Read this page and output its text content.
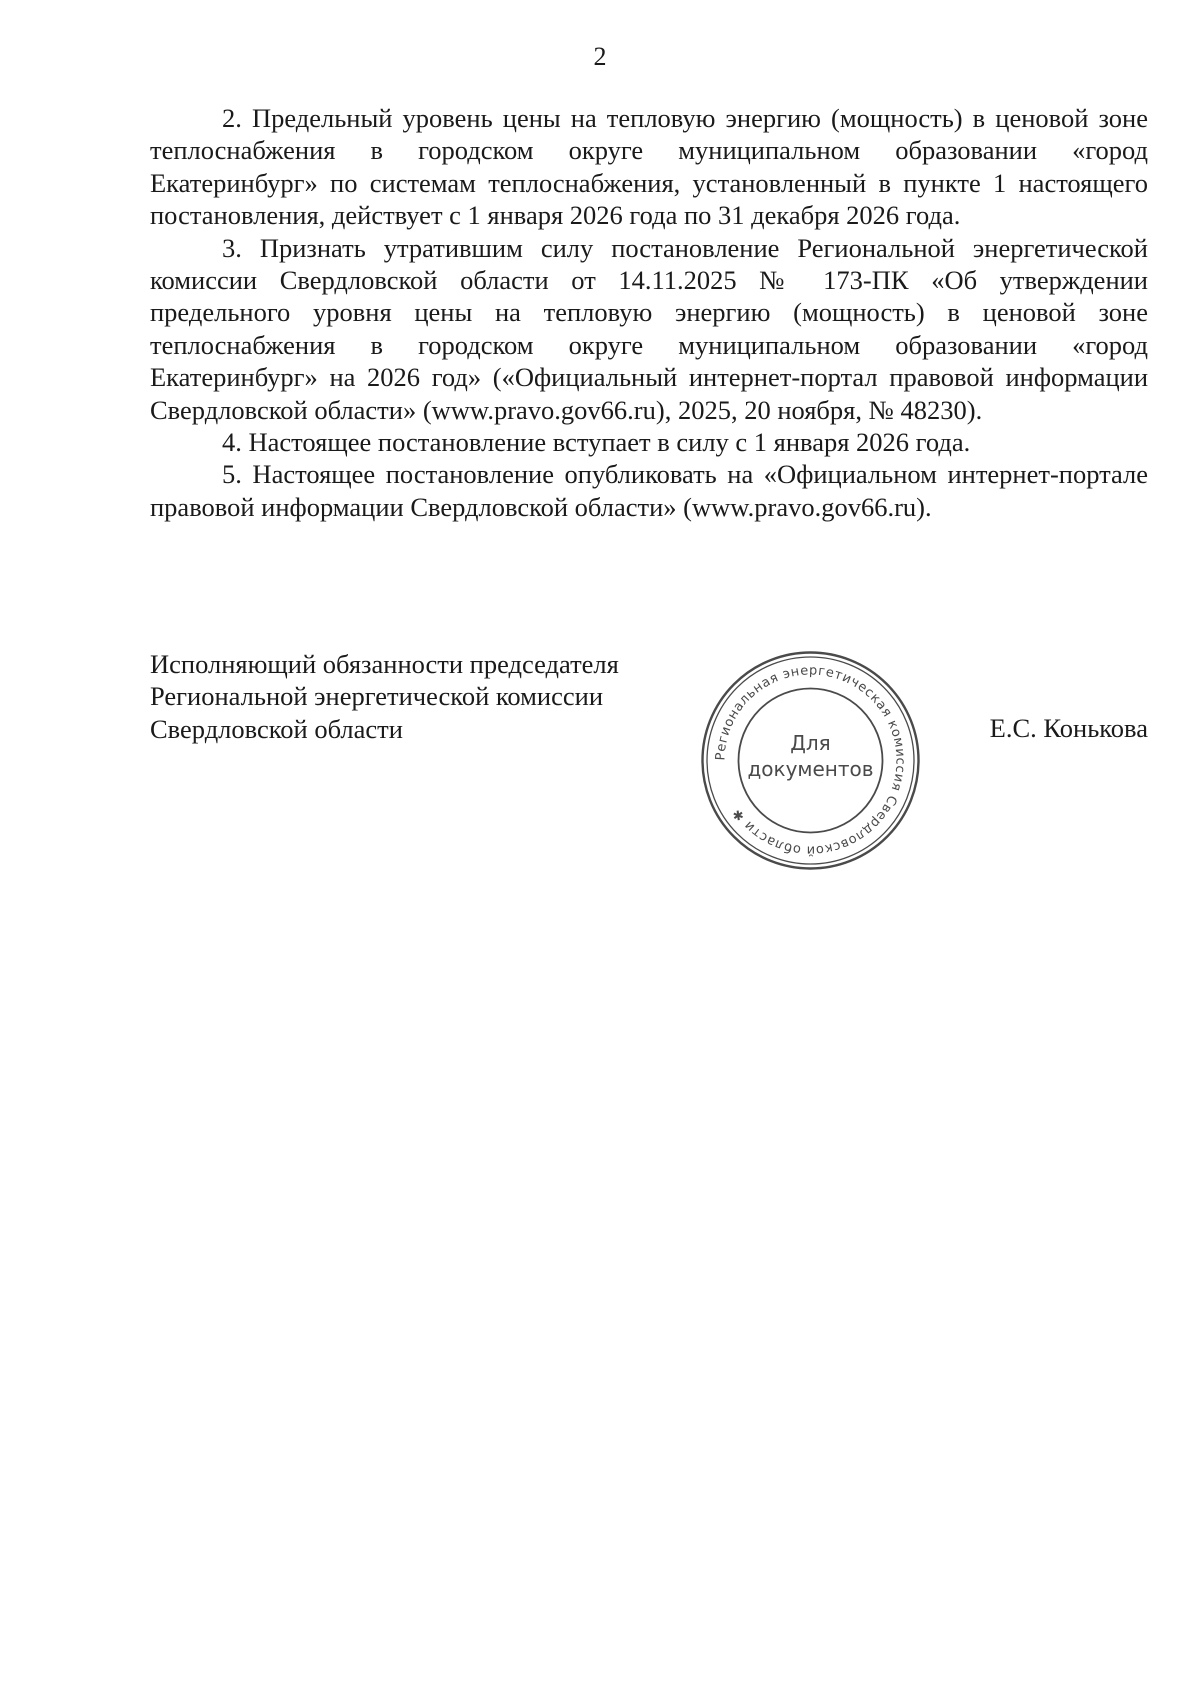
2

2. Предельный уровень цены на тепловую энергию (мощность) в ценовой зоне теплоснабжения в городском округе муниципальном образовании «город Екатеринбург» по системам теплоснабжения, установленный в пункте 1 настоящего постановления, действует с 1 января 2026 года по 31 декабря 2026 года.

3. Признать утратившим силу постановление Региональной энергетической комиссии Свердловской области от 14.11.2025 № 173-ПК «Об утверждении предельного уровня цены на тепловую энергию (мощность) в ценовой зоне теплоснабжения в городском округе муниципальном образовании «город Екатеринбург» на 2026 год» («Официальный интернет-портал правовой информации Свердловской области» (www.pravo.gov66.ru), 2025, 20 ноября, № 48230).

4. Настоящее постановление вступает в силу с 1 января 2026 года.

5. Настоящее постановление опубликовать на «Официальном интернет-портале правовой информации Свердловской области» (www.pravo.gov66.ru).

Исполняющий обязанности председателя
Региональной энергетической комиссии
Свердловской области
Региональная энергетическая комиссия Свердловской области ✱
Для
документов
Е.С. Конькова
